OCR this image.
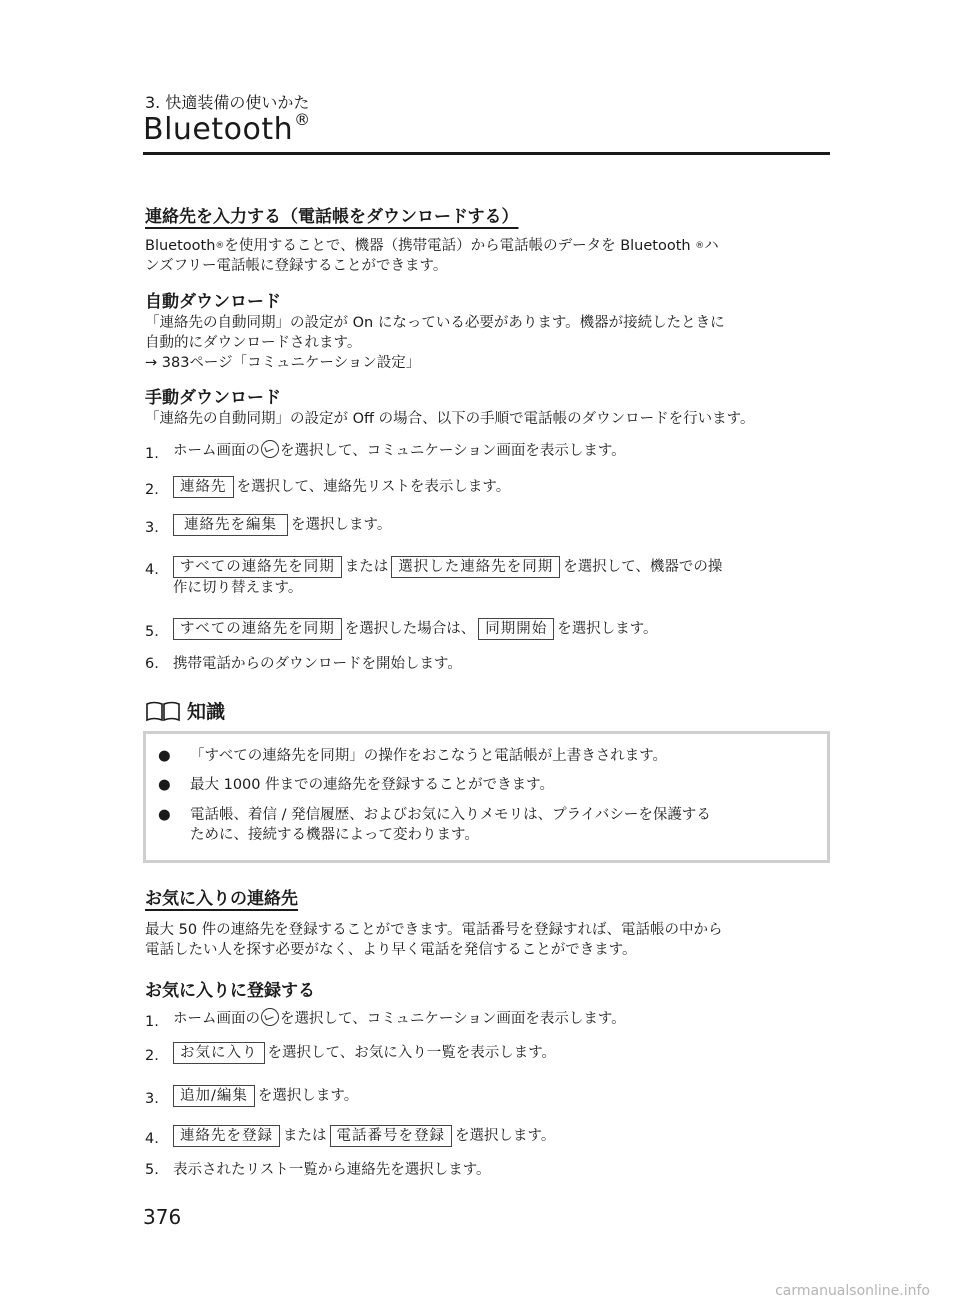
3. 快適装備の使いかた
Bluetooth®
連絡先を入力する（電話帳をダウンロードする）
Bluetooth®を使用することで、機器（携帯電話）から電話帳のデータを Bluetooth ®ハ
ンズフリー電話帳に登録することができます。
自動ダウンロード
「連絡先の自動同期」の設定が On になっている必要があります。機器が接続したときに
自動的にダウンロードされます。
→ 383ページ「コミュニケーション設定」
手動ダウンロード
「連絡先の自動同期」の設定が Off の場合、以下の手順で電話帳のダウンロードを行います。
1. ホーム画面の を選択して、コミュニケーション画面を表示します。
2.	連絡先 を選択して、連絡先リストを表示します。
3.	連絡先を編集 を選択します。
4.	すべての連絡先を同期 または 選択した連絡先を同期 を選択して、機器での操
作に切り替えます。
5.	すべての連絡先を同期 を選択した場合は、 同期開始 を選択します。
6. 携帯電話からのダウンロードを開始します。
知識
● 「すべての連絡先を同期」の操作をおこなうと電話帳が上書きされます。
● 最大 1000 件までの連絡先を登録することができます。
● 電話帳、着信 / 発信履歴、およびお気に入りメモリは、プライバシーを保護する
ために、接続する機器によって変わります。
お気に入りの連絡先
最大 50 件の連絡先を登録することができます。電話番号を登録すれば、電話帳の中から
電話したい人を探す必要がなく、より早く電話を発信することができます。
お気に入りに登録する
1. ホーム画面の を選択して、コミュニケーション画面を表示します。
2.	お気に入り を選択して、お気に入り一覧を表示します。
3.	追加/編集 を選択します。
4.	連絡先を登録 または 電話番号を登録 を選択します。
5. 表示されたリスト一覧から連絡先を選択します。
376
carmanualsonline.info
